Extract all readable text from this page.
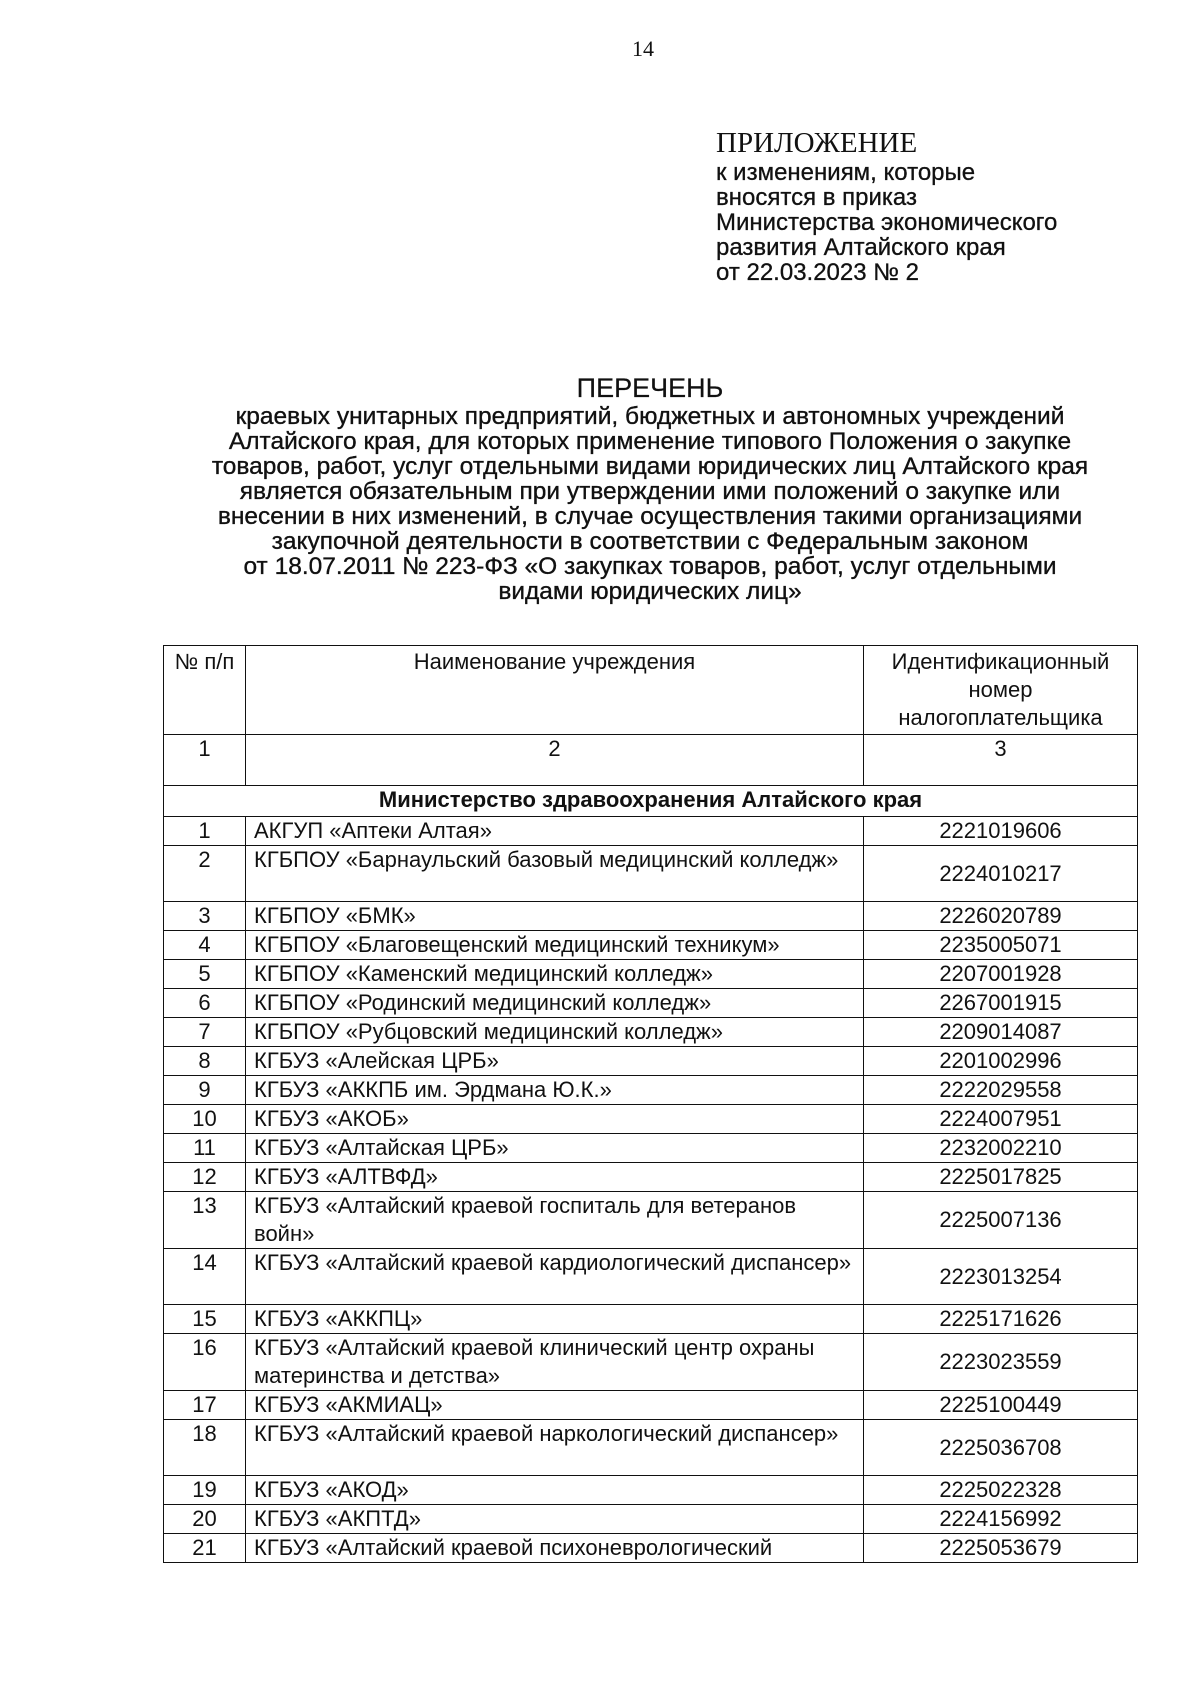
14
ПРИЛОЖЕНИЕ
к изменениям, которые
вносятся в приказ
Министерства экономического
развития Алтайского края
от 22.03.2023 № 2
ПЕРЕЧЕНЬ
краевых унитарных предприятий, бюджетных и автономных учреждений
Алтайского края, для которых применение типового Положения о закупке
товаров, работ, услуг отдельными видами юридических лиц Алтайского края
является обязательным при утверждении ими положений о закупке или
внесении в них изменений, в случае осуществления такими организациями
закупочной деятельности в соответствии с Федеральным законом
от 18.07.2011 № 223-ФЗ «О закупках товаров, работ, услуг отдельными
видами юридических лиц»
№ п/п	Наименование учреждения	Идентификационный номер налогоплательщика
1	2	3
Министерство здравоохранения Алтайского края		
1	АКГУП «Аптеки Алтая»	2221019606
2	КГБПОУ «Барнаульский базовый медицинский колледж»	2224010217
3	КГБПОУ «БМК»	2226020789
4	КГБПОУ «Благовещенский медицинский техникум»	2235005071
5	КГБПОУ «Каменский медицинский колледж»	2207001928
6	КГБПОУ «Родинский медицинский колледж»	2267001915
7	КГБПОУ «Рубцовский медицинский колледж»	2209014087
8	КГБУЗ «Алейская ЦРБ»	2201002996
9	КГБУЗ «АККПБ им. Эрдмана Ю.К.»	2222029558
10	КГБУЗ «АКОБ»	2224007951
11	КГБУЗ «Алтайская ЦРБ»	2232002210
12	КГБУЗ «АЛТВФД»	2225017825
13	КГБУЗ «Алтайский краевой госпиталь для ветеранов войн»	2225007136
14	КГБУЗ «Алтайский краевой кардиологический диспансер»	2223013254
15	КГБУЗ «АККПЦ»	2225171626
16	КГБУЗ «Алтайский краевой клинический центр охраны материнства и детства»	2223023559
17	КГБУЗ «АКМИАЦ»	2225100449
18	КГБУЗ «Алтайский краевой наркологический диспансер»	2225036708
19	КГБУЗ «АКОД»	2225022328
20	КГБУЗ «АКПТД»	2224156992
21	КГБУЗ «Алтайский краевой психоневрологический	2225053679
